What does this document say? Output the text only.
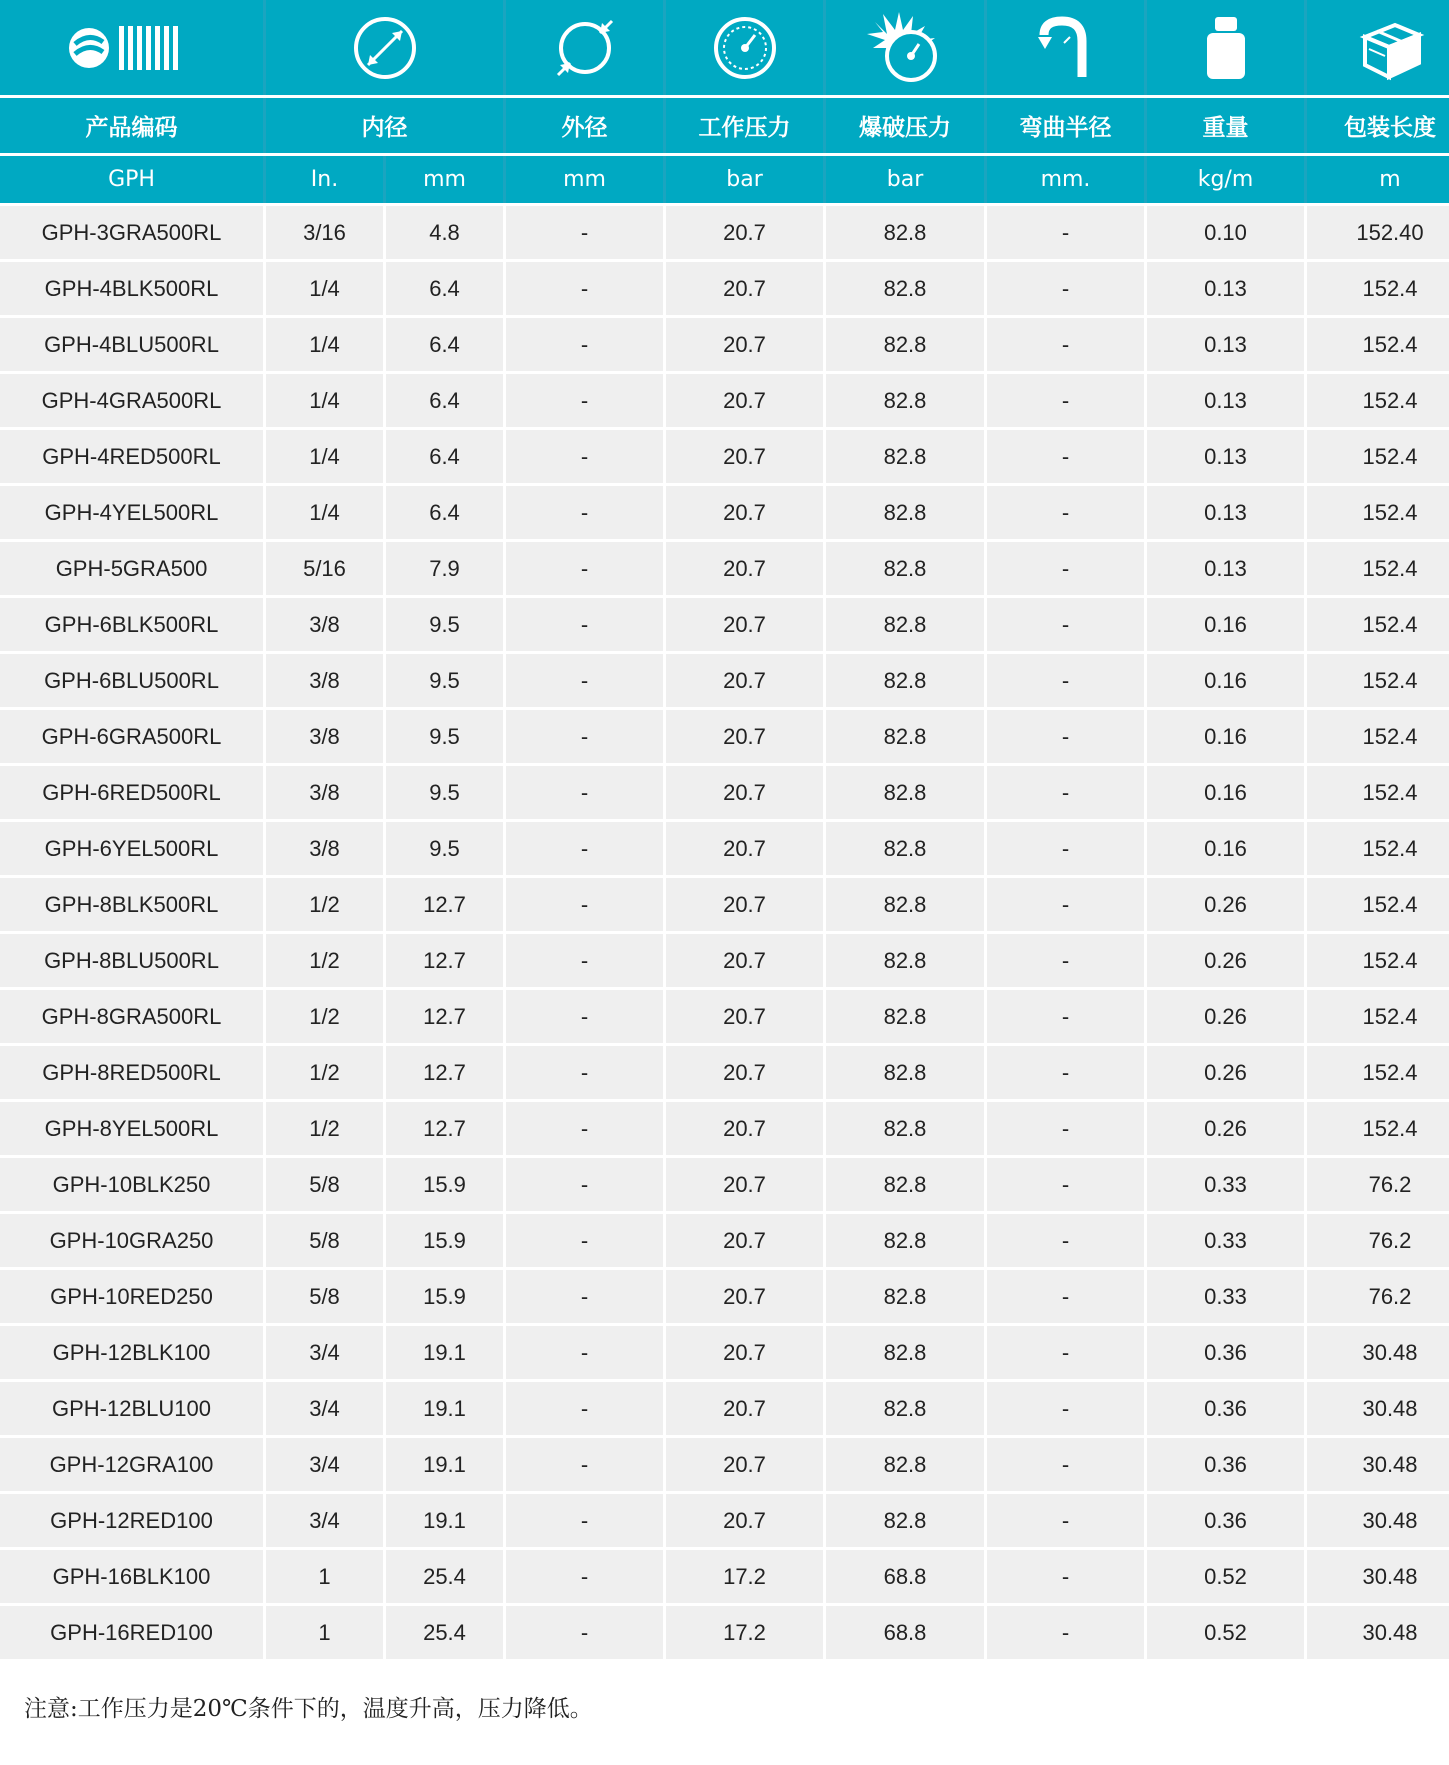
产品编码	内径	外径	工作压力	爆破压力	弯曲半径	重量	包装长度
GPH	In.	mm	mm	bar	bar	mm.	kg/m	m
GPH-3GRA500RL	3/16	4.8	-	20.7	82.8	-	0.10	152.40
GPH-4BLK500RL	1/4	6.4	-	20.7	82.8	-	0.13	152.4
GPH-4BLU500RL	1/4	6.4	-	20.7	82.8	-	0.13	152.4
GPH-4GRA500RL	1/4	6.4	-	20.7	82.8	-	0.13	152.4
GPH-4RED500RL	1/4	6.4	-	20.7	82.8	-	0.13	152.4
GPH-4YEL500RL	1/4	6.4	-	20.7	82.8	-	0.13	152.4
GPH-5GRA500	5/16	7.9	-	20.7	82.8	-	0.13	152.4
GPH-6BLK500RL	3/8	9.5	-	20.7	82.8	-	0.16	152.4
GPH-6BLU500RL	3/8	9.5	-	20.7	82.8	-	0.16	152.4
GPH-6GRA500RL	3/8	9.5	-	20.7	82.8	-	0.16	152.4
GPH-6RED500RL	3/8	9.5	-	20.7	82.8	-	0.16	152.4
GPH-6YEL500RL	3/8	9.5	-	20.7	82.8	-	0.16	152.4
GPH-8BLK500RL	1/2	12.7	-	20.7	82.8	-	0.26	152.4
GPH-8BLU500RL	1/2	12.7	-	20.7	82.8	-	0.26	152.4
GPH-8GRA500RL	1/2	12.7	-	20.7	82.8	-	0.26	152.4
GPH-8RED500RL	1/2	12.7	-	20.7	82.8	-	0.26	152.4
GPH-8YEL500RL	1/2	12.7	-	20.7	82.8	-	0.26	152.4
GPH-10BLK250	5/8	15.9	-	20.7	82.8	-	0.33	76.2
GPH-10GRA250	5/8	15.9	-	20.7	82.8	-	0.33	76.2
GPH-10RED250	5/8	15.9	-	20.7	82.8	-	0.33	76.2
GPH-12BLK100	3/4	19.1	-	20.7	82.8	-	0.36	30.48
GPH-12BLU100	3/4	19.1	-	20.7	82.8	-	0.36	30.48
GPH-12GRA100	3/4	19.1	-	20.7	82.8	-	0.36	30.48
GPH-12RED100	3/4	19.1	-	20.7	82.8	-	0.36	30.48
GPH-16BLK100	1	25.4	-	17.2	68.8	-	0.52	30.48
GPH-16RED100	1	25.4	-	17.2	68.8	-	0.52	30.48
注意:工作压力是20℃条件下的，温度升高，压力降低。
